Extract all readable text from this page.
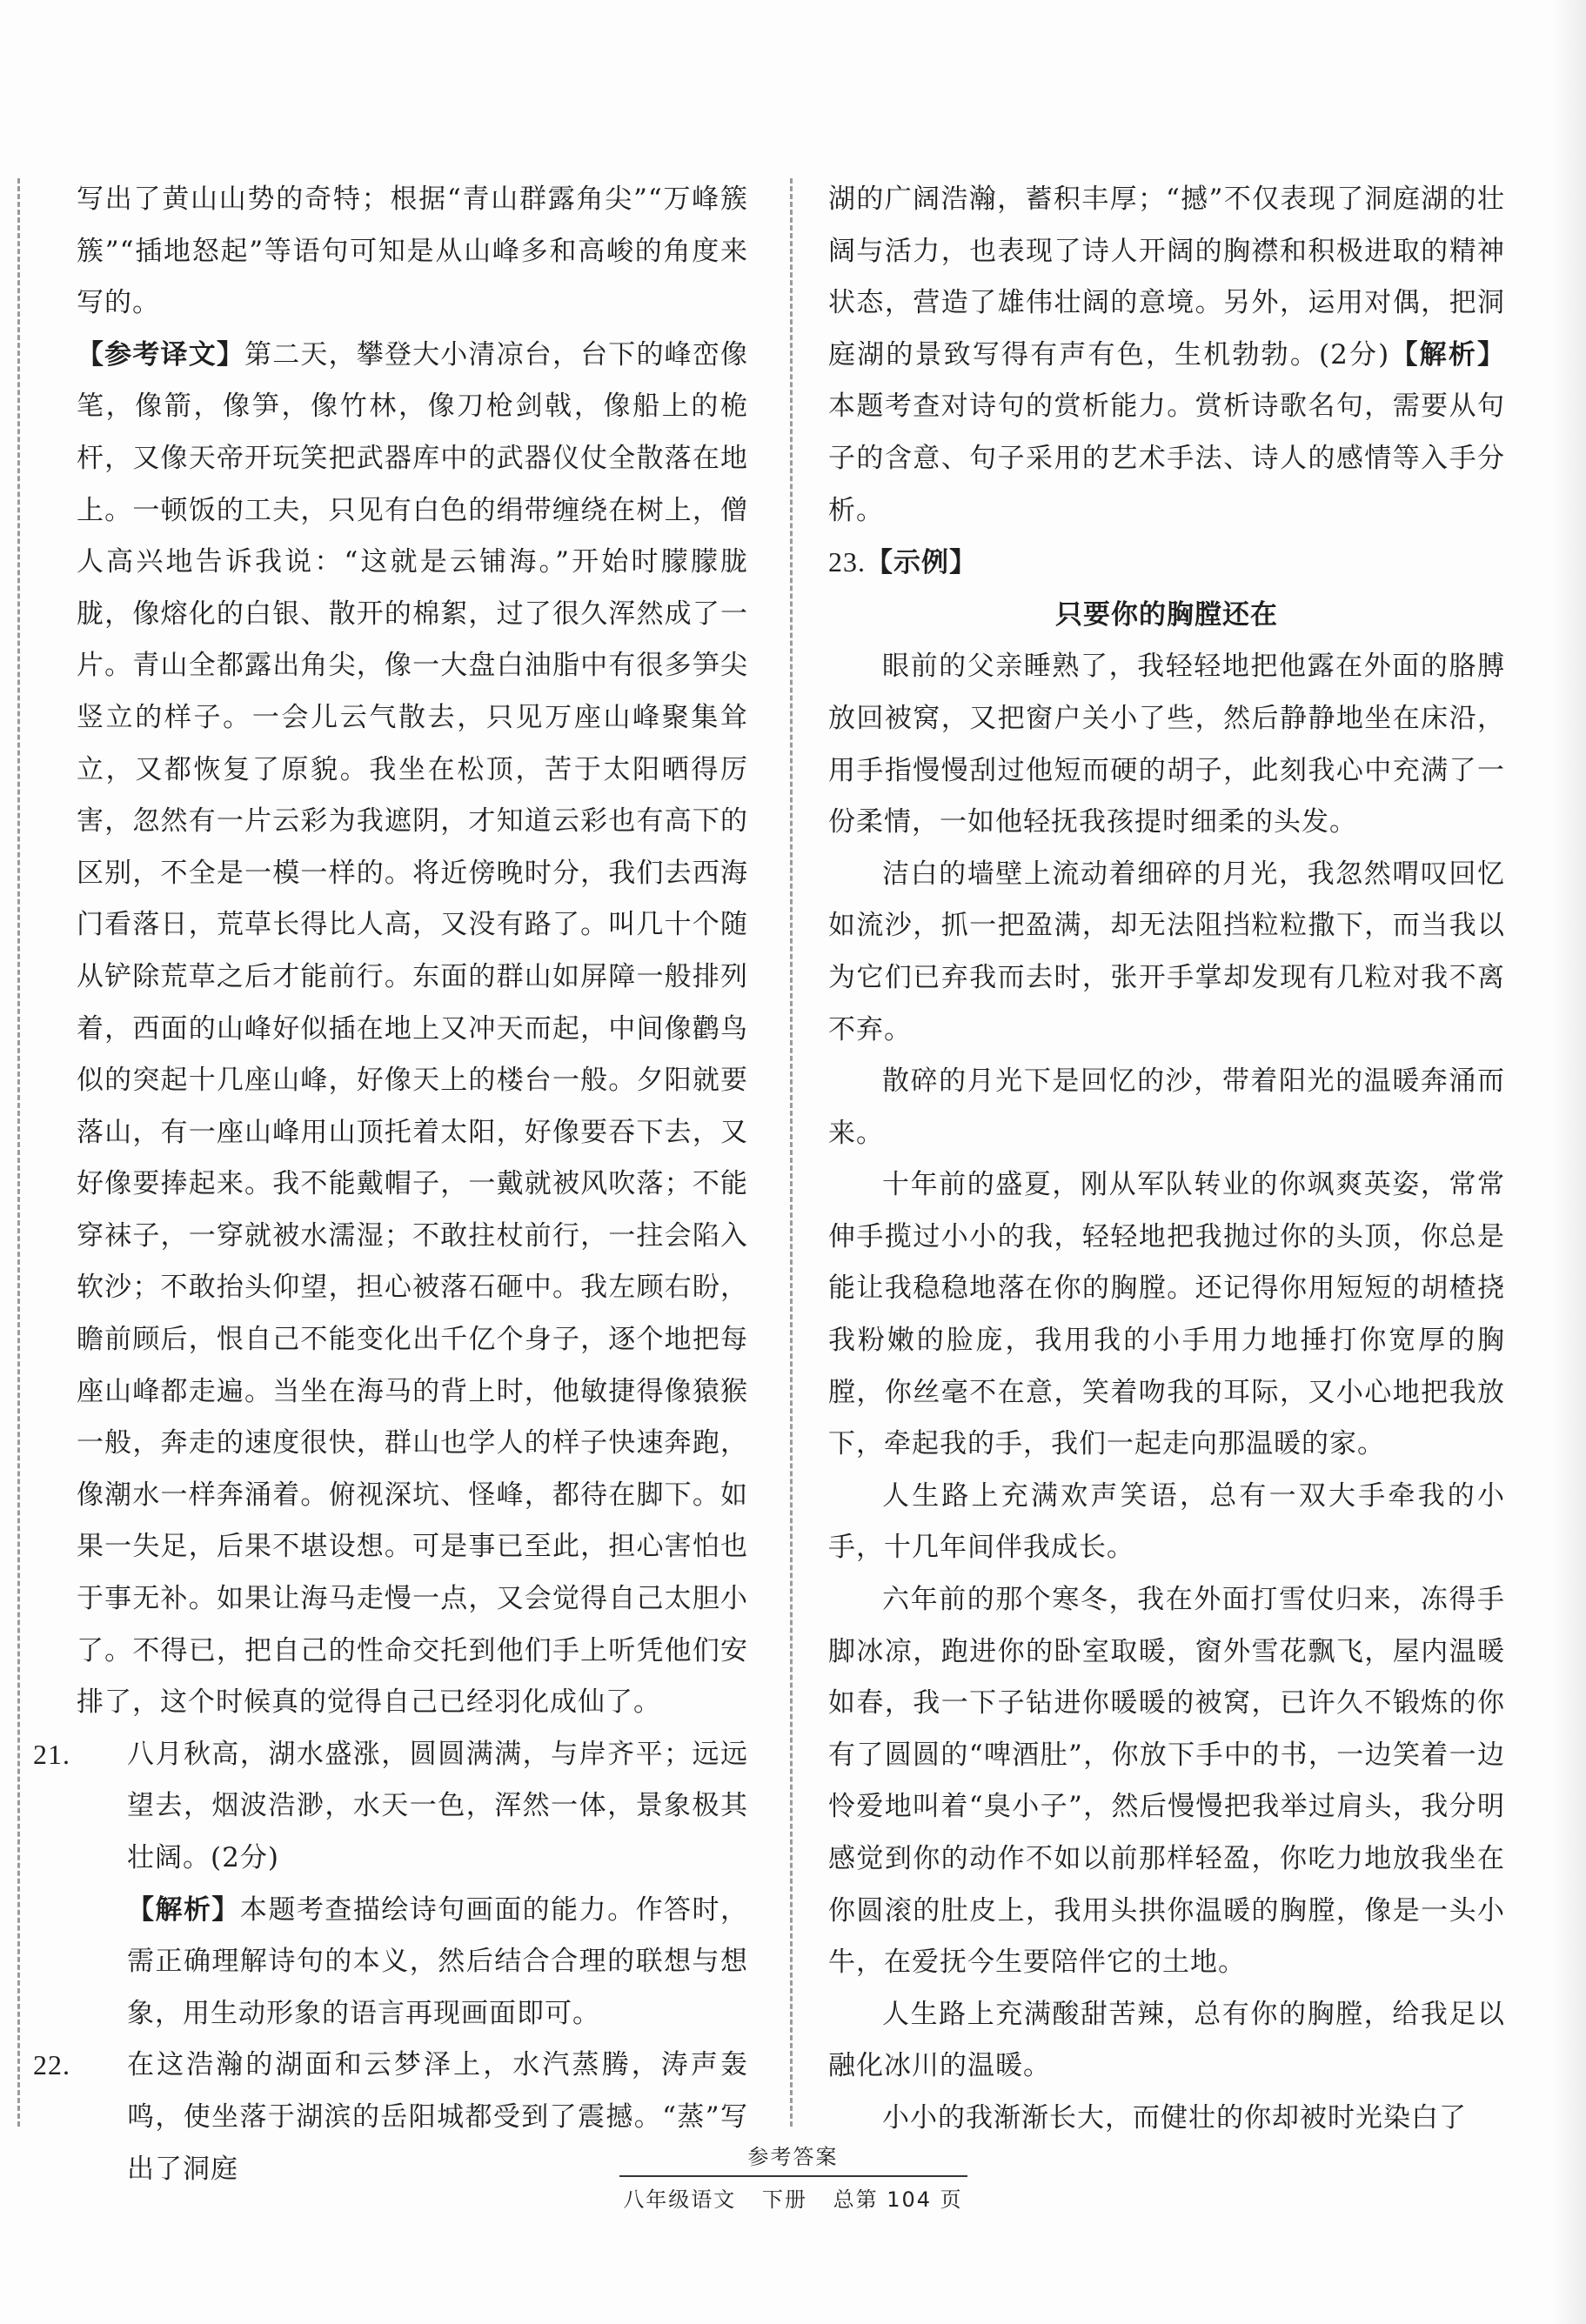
写出了黄山山势的奇特；根据“青山群露角尖”“万峰簇簇”“插地怒起”等语句可知是从山峰多和高峻的角度来写的。

【参考译文】第二天，攀登大小清凉台，台下的峰峦像笔，像箭，像笋，像竹林，像刀枪剑戟，像船上的桅杆，又像天帝开玩笑把武器库中的武器仪仗全散落在地上。一顿饭的工夫，只见有白色的绢带缠绕在树上，僧人高兴地告诉我说：“这就是云铺海。”开始时朦朦胧胧，像熔化的白银、散开的棉絮，过了很久浑然成了一片。青山全都露出角尖，像一大盘白油脂中有很多笋尖竖立的样子。一会儿云气散去，只见万座山峰聚集耸立，又都恢复了原貌。我坐在松顶，苦于太阳晒得厉害，忽然有一片云彩为我遮阴，才知道云彩也有高下的区别，不全是一模一样的。将近傍晚时分，我们去西海门看落日，荒草长得比人高，又没有路了。叫几十个随从铲除荒草之后才能前行。东面的群山如屏障一般排列着，西面的山峰好似插在地上又冲天而起，中间像鹳鸟似的突起十几座山峰，好像天上的楼台一般。夕阳就要落山，有一座山峰用山顶托着太阳，好像要吞下去，又好像要捧起来。我不能戴帽子，一戴就被风吹落；不能穿袜子，一穿就被水濡湿；不敢拄杖前行，一拄会陷入软沙；不敢抬头仰望，担心被落石砸中。我左顾右盼，瞻前顾后，恨自己不能变化出千亿个身子，逐个地把每座山峰都走遍。当坐在海马的背上时，他敏捷得像猿猴一般，奔走的速度很快，群山也学人的样子快速奔跑，像潮水一样奔涌着。俯视深坑、怪峰，都待在脚下。如果一失足，后果不堪设想。可是事已至此，担心害怕也于事无补。如果让海马走慢一点，又会觉得自己太胆小了。不得已，把自己的性命交托到他们手上听凭他们安排了，这个时候真的觉得自己已经羽化成仙了。

21. 八月秋高，湖水盛涨，圆圆满满，与岸齐平；远远望去，烟波浩渺，水天一色，浑然一体，景象极其壮阔。(2分)

【解析】本题考查描绘诗句画面的能力。作答时，需正确理解诗句的本义，然后结合合理的联想与想象，用生动形象的语言再现画面即可。

22. 在这浩瀚的湖面和云梦泽上，水汽蒸腾，涛声轰鸣，使坐落于湖滨的岳阳城都受到了震撼。“蒸”写出了洞庭

湖的广阔浩瀚，蓄积丰厚；“撼”不仅表现了洞庭湖的壮阔与活力，也表现了诗人开阔的胸襟和积极进取的精神状态，营造了雄伟壮阔的意境。另外，运用对偶，把洞庭湖的景致写得有声有色，生机勃勃。(2分)【解析】本题考查对诗句的赏析能力。赏析诗歌名句，需要从句子的含意、句子采用的艺术手法、诗人的感情等入手分析。

23.【示例】

只要你的胸膛还在

眼前的父亲睡熟了，我轻轻地把他露在外面的胳膊放回被窝，又把窗户关小了些，然后静静地坐在床沿，用手指慢慢刮过他短而硬的胡子，此刻我心中充满了一份柔情，一如他轻抚我孩提时细柔的头发。

洁白的墙壁上流动着细碎的月光，我忽然喟叹回忆如流沙，抓一把盈满，却无法阻挡粒粒撒下，而当我以为它们已弃我而去时，张开手掌却发现有几粒对我不离不弃。

散碎的月光下是回忆的沙，带着阳光的温暖奔涌而来。

十年前的盛夏，刚从军队转业的你飒爽英姿，常常伸手揽过小小的我，轻轻地把我抛过你的头顶，你总是能让我稳稳地落在你的胸膛。还记得你用短短的胡楂挠我粉嫩的脸庞，我用我的小手用力地捶打你宽厚的胸膛，你丝毫不在意，笑着吻我的耳际，又小心地把我放下，牵起我的手，我们一起走向那温暖的家。

人生路上充满欢声笑语，总有一双大手牵我的小手，十几年间伴我成长。

六年前的那个寒冬，我在外面打雪仗归来，冻得手脚冰凉，跑进你的卧室取暖，窗外雪花飘飞，屋内温暖如春，我一下子钻进你暖暖的被窝，已许久不锻炼的你有了圆圆的“啤酒肚”，你放下手中的书，一边笑着一边怜爱地叫着“臭小子”，然后慢慢把我举过肩头，我分明感觉到你的动作不如以前那样轻盈，你吃力地放我坐在你圆滚的肚皮上，我用头拱你温暖的胸膛，像是一头小牛，在爱抚今生要陪伴它的土地。

人生路上充满酸甜苦辣，总有你的胸膛，给我足以融化冰川的温暖。

小小的我渐渐长大，而健壮的你却被时光染白了

参考答案
八年级语文 下册 总第 104 页
